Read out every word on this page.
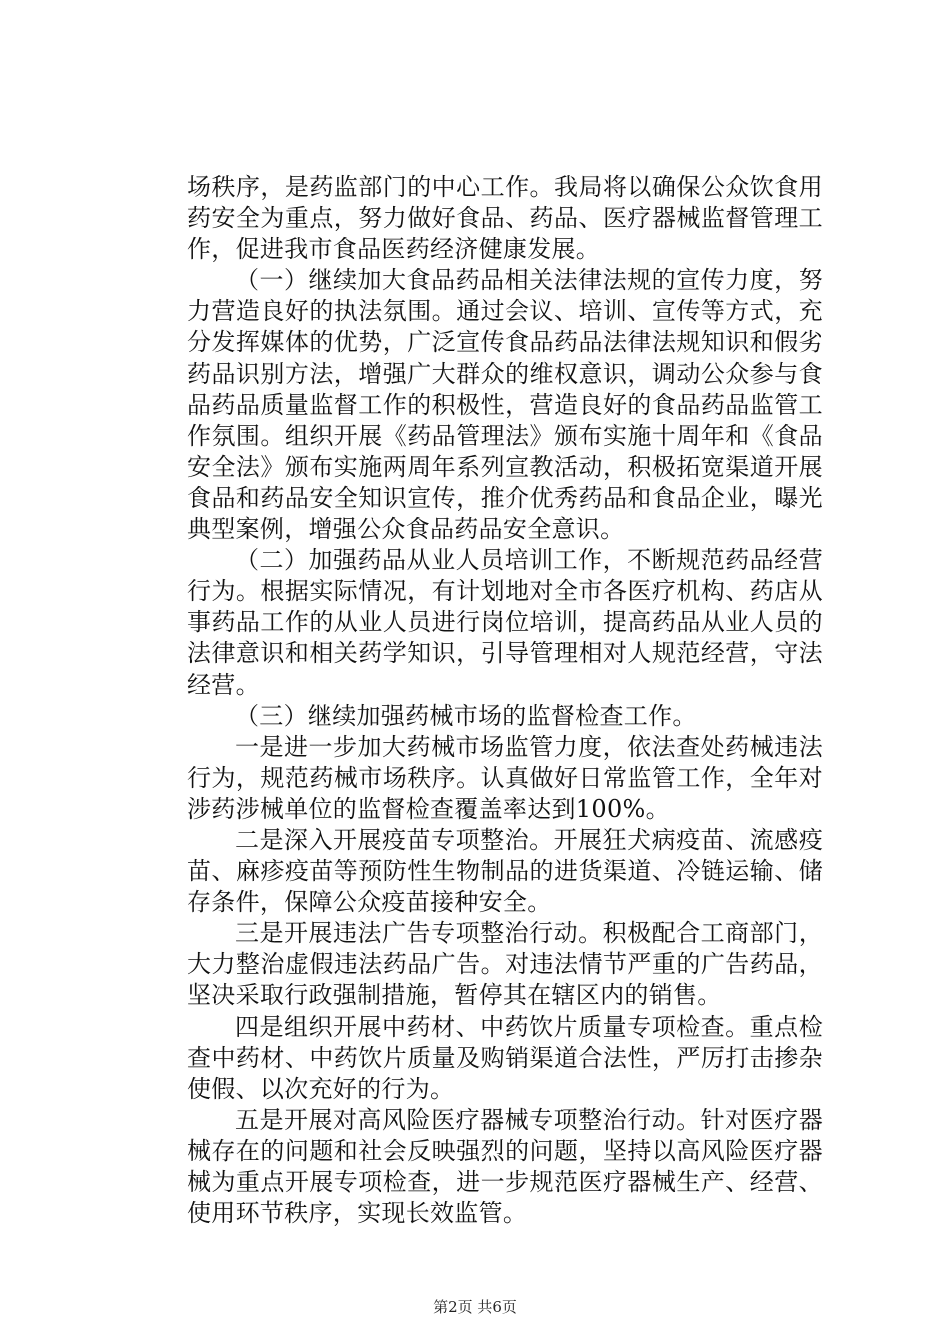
场秩序，是药监部门的中心工作。我局将以确保公众饮食用药安全为重点，努力做好食品、药品、医疗器械监督管理工作，促进我市食品医药经济健康发展。

（一）继续加大食品药品相关法律法规的宣传力度，努力营造良好的执法氛围。通过会议、培训、宣传等方式，充分发挥媒体的优势，广泛宣传食品药品法律法规知识和假劣药品识别方法，增强广大群众的维权意识，调动公众参与食品药品质量监督工作的积极性，营造良好的食品药品监管工作氛围。组织开展《药品管理法》颁布实施十周年和《食品安全法》颁布实施两周年系列宣教活动，积极拓宽渠道开展食品和药品安全知识宣传，推介优秀药品和食品企业，曝光典型案例，增强公众食品药品安全意识。

（二）加强药品从业人员培训工作，不断规范药品经营行为。根据实际情况，有计划地对全市各医疗机构、药店从事药品工作的从业人员进行岗位培训，提高药品从业人员的法律意识和相关药学知识，引导管理相对人规范经营，守法经营。

（三）继续加强药械市场的监督检查工作。

一是进一步加大药械市场监管力度，依法查处药械违法行为，规范药械市场秩序。认真做好日常监管工作，全年对涉药涉械单位的监督检查覆盖率达到100%。

二是深入开展疫苗专项整治。开展狂犬病疫苗、流感疫苗、麻疹疫苗等预防性生物制品的进货渠道、冷链运输、储存条件，保障公众疫苗接种安全。

三是开展违法广告专项整治行动。积极配合工商部门，大力整治虚假违法药品广告。对违法情节严重的广告药品，坚决采取行政强制措施，暂停其在辖区内的销售。

四是组织开展中药材、中药饮片质量专项检查。重点检查中药材、中药饮片质量及购销渠道合法性，严厉打击掺杂使假、以次充好的行为。

五是开展对高风险医疗器械专项整治行动。针对医疗器械存在的问题和社会反映强烈的问题，坚持以高风险医疗器械为重点开展专项检查，进一步规范医疗器械生产、经营、使用环节秩序，实现长效监管。

第2页 共6页
